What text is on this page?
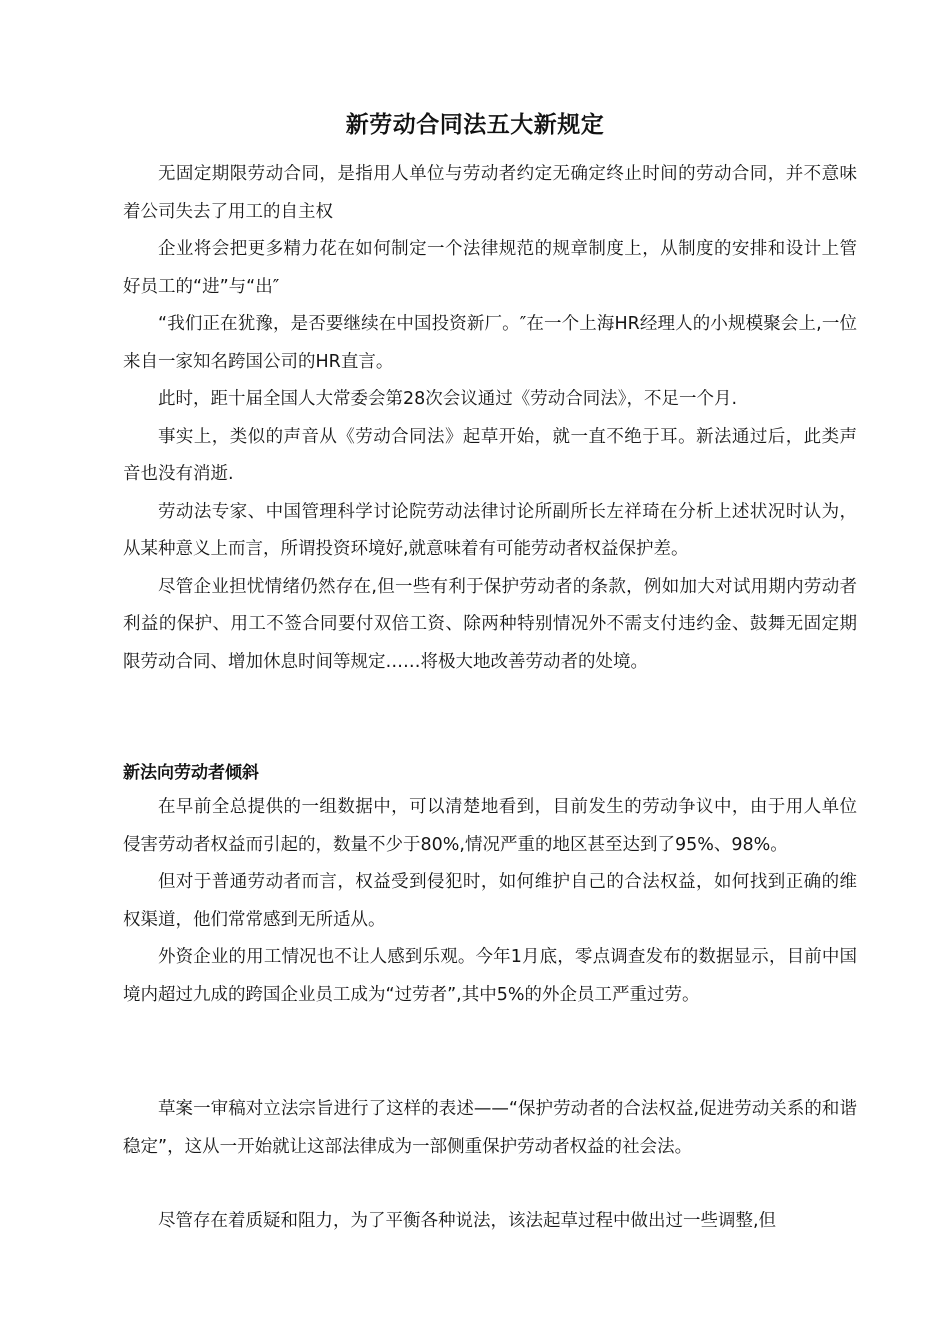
新劳动合同法五大新规定

无固定期限劳动合同，是指用人单位与劳动者约定无确定终止时间的劳动合同，并不意味着公司失去了用工的自主权

企业将会把更多精力花在如何制定一个法律规范的规章制度上，从制度的安排和设计上管好员工的“进”与“出″

“我们正在犹豫，是否要继续在中国投资新厂。″在一个上海HR经理人的小规模聚会上,一位来自一家知名跨国公司的HR直言。

此时，距十届全国人大常委会第28次会议通过《劳动合同法》，不足一个月.

事实上，类似的声音从《劳动合同法》起草开始，就一直不绝于耳。新法通过后，此类声音也没有消逝.

劳动法专家、中国管理科学讨论院劳动法律讨论所副所长左祥琦在分析上述状况时认为，从某种意义上而言，所谓投资环境好,就意味着有可能劳动者权益保护差。

尽管企业担忧情绪仍然存在,但一些有利于保护劳动者的条款，例如加大对试用期内劳动者利益的保护、用工不签合同要付双倍工资、除两种特别情况外不需支付违约金、鼓舞无固定期限劳动合同、增加休息时间等规定……将极大地改善劳动者的处境。

新法向劳动者倾斜

在早前全总提供的一组数据中，可以清楚地看到，目前发生的劳动争议中，由于用人单位侵害劳动者权益而引起的，数量不少于80%,情况严重的地区甚至达到了95%、98%。

但对于普通劳动者而言，权益受到侵犯时，如何维护自己的合法权益，如何找到正确的维权渠道，他们常常感到无所适从。

外资企业的用工情况也不让人感到乐观。今年1月底，零点调查发布的数据显示，目前中国境内超过九成的跨国企业员工成为“过劳者”,其中5%的外企员工严重过劳。

草案一审稿对立法宗旨进行了这样的表述——“保护劳动者的合法权益,促进劳动关系的和谐稳定”，这从一开始就让这部法律成为一部侧重保护劳动者权益的社会法。

尽管存在着质疑和阻力，为了平衡各种说法，该法起草过程中做出过一些调整,但
